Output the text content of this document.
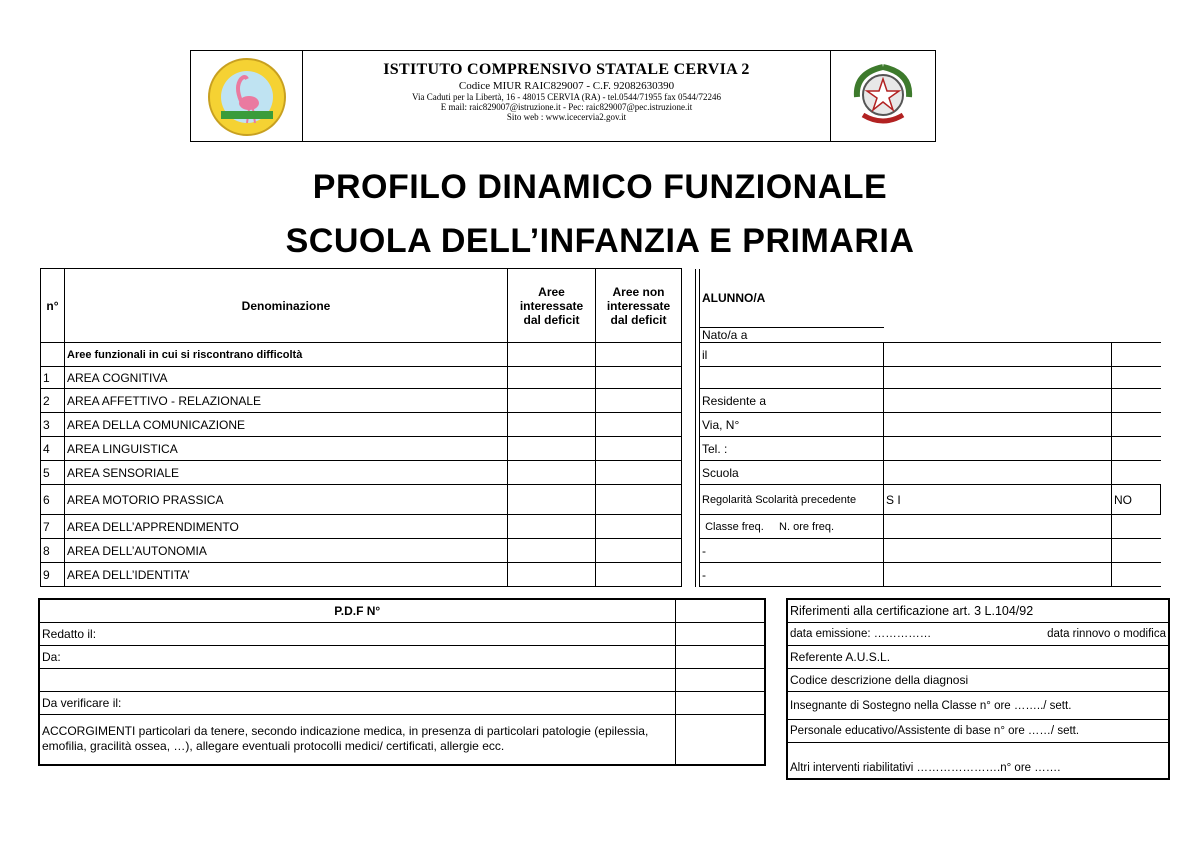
ISTITUTO COMPRENSIVO STATALE CERVIA 2
Codice MIUR RAIC829007 - C.F. 92082630390
Via Caduti per la Libertà, 16 - 48015 CERVIA (RA) - tel.0544/71955 fax 0544/72246
E mail: raic829007@istruzione.it - Pec: raic829007@pec.istruzione.it
Sito web : www.icecervia2.gov.it
PROFILO DINAMICO FUNZIONALE
SCUOLA DELL’INFANZIA E PRIMARIA
n°	Denominazione	Aree interessate dal deficit	Aree non interessate dal deficit			ALUNNO/A		
						Nato/a a		
	Aree funzionali in cui si riscontrano difficoltà					il		
1	AREA COGNITIVA							
2	AREA AFFETTIVO - RELAZIONALE					Residente a		
3	AREA DELLA COMUNICAZIONE					Via, N°		
4	AREA LINGUISTICA					Tel. :		
5	AREA SENSORIALE					Scuola		
6	AREA MOTORIO PRASSICA					Regolarità Scolarità precedente	S I	NO
7	AREA DELL’APPRENDIMENTO					Classe freq. N. ore freq.		
8	AREA DELL’AUTONOMIA					-		
9	AREA DELL’IDENTITA’					-		
P.D.F N°	
Redatto il:	
Da:	

Da verificare il:	
ACCORGIMENTI particolari da tenere, secondo indicazione medica, in presenza di particolari patologie (epilessia, emofilia, gracilità ossea, …), allegare eventuali protocolli medici/ certificati, allergie ecc.	
Riferimenti alla certificazione art. 3 L.104/92
data emissione: ……………	data rinnovo o modifica

Referente A.U.S.L.
Codice descrizione della diagnosi
Insegnante di Sostegno nella Classe n° ore ……../ sett.
Personale educativo/Assistente di base n° ore ……/ sett.
Altri interventi riabilitativi ………………….n° ore …….
